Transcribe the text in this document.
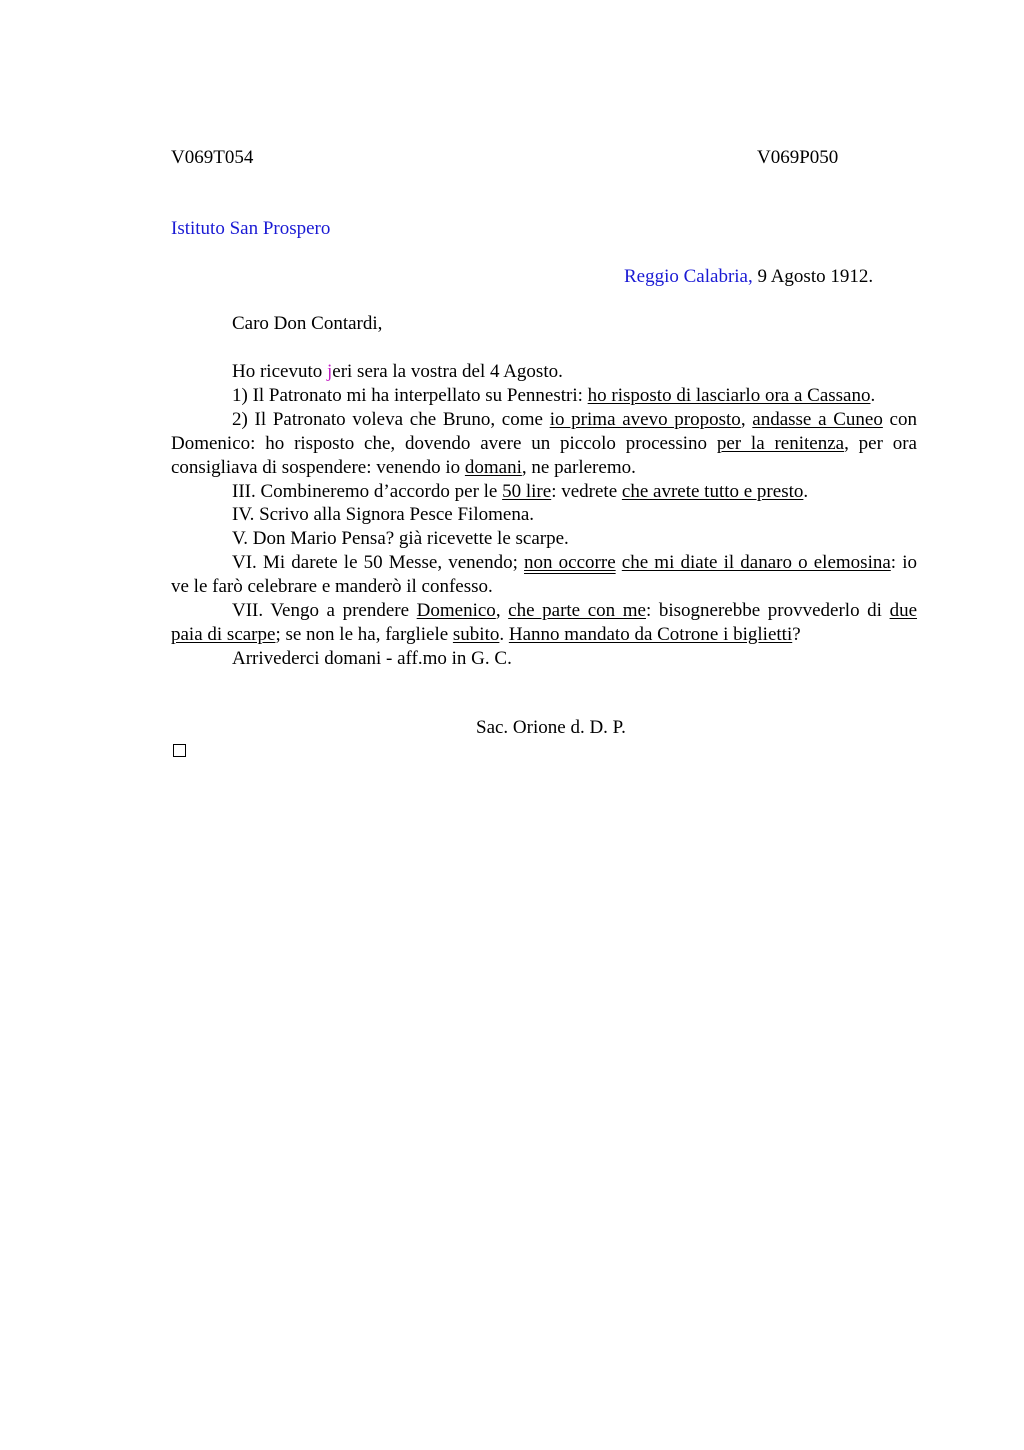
V069T054	V069P050
Istituto San Prospero
Reggio Calabria, 9 Agosto 1912.
Caro Don Contardi,

Ho ricevuto jeri sera la vostra del 4 Agosto.

1) Il Patronato mi ha interpellato su Pennestri: ho risposto di lasciarlo ora a Cassano.

2) Il Patronato voleva che Bruno, come io prima avevo proposto, andasse a Cuneo con Domenico: ho risposto che, dovendo avere un piccolo processino per la renitenza, per ora consigliava di sospendere: venendo io domani, ne parleremo.

III. Combineremo d’accordo per le 50 lire: vedrete che avrete tutto e presto.

IV. Scrivo alla Signora Pesce Filomena.

V. Don Mario Pensa? già ricevette le scarpe.

VI. Mi darete le 50 Messe, venendo; non occorre che mi diate il danaro o elemosina: io ve le farò celebrare e manderò il confesso.

VII. Vengo a prendere Domenico, che parte con me: bisognerebbe provvederlo di due paia di scarpe; se non le ha, fargliele subito. Hanno mandato da Cotrone i biglietti?

Arrivederci domani - aff.mo in G. C.

Sac. Orione d. D. P.
